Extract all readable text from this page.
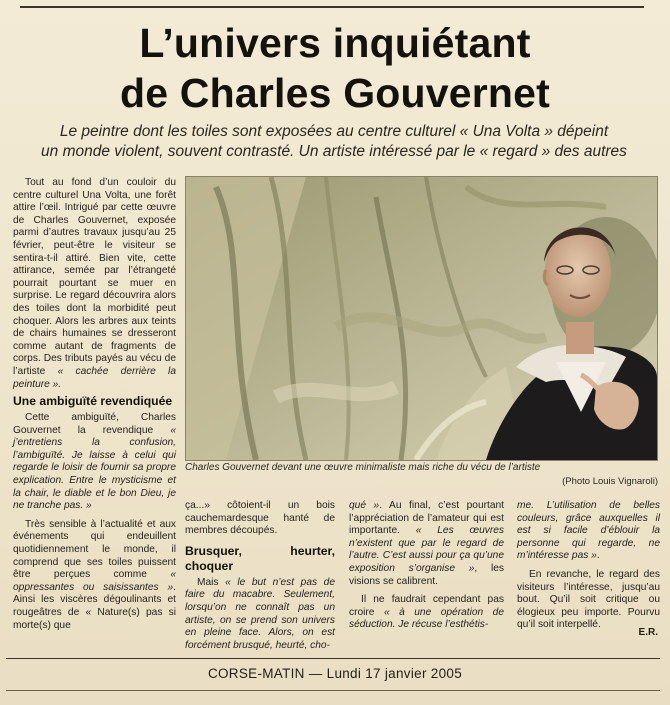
L’univers inquiétant
de Charles Gouvernet
Le peintre dont les toiles sont exposées au centre culturel « Una Volta » dépeint
un monde violent, souvent contrasté. Un artiste intéressé par le « regard » des autres

Tout au fond d’un couloir du centre culturel Una Volta, une forêt attire l’œil. Intrigué par cette œuvre de Charles Gouvernet, exposée parmi d’autres travaux jusqu’au 25 février, peut-être le visiteur se sentira-t-il attiré. Bien vite, cette attirance, semée par l’étrangeté pourrait pourtant se muer en surprise. Le regard découvrira alors des toiles dont la morbidité peut choquer. Alors les arbres aux teints de chairs humaines se dresseront comme autant de fragments de corps. Des tributs payés au vécu de l’artiste « cachée derrière la peinture ».

Une ambiguïté revendiquée

Cette ambiguïté, Charles Gouvernet la revendique « j’entretiens la confusion, l’ambiguïté. Je laisse à celui qui regarde le loisir de fournir sa propre explication. Entre le mysticisme et la chair, le diable et le bon Dieu, je ne tranche pas. »

Très sensible à l’actualité et aux événements qui endeuillent quotidiennement le monde, il comprend que ses toiles puissent être perçues comme « oppressantes ou saisissantes ». Ainsi les viscères dégoulinants et rougeâtres de « Nature(s) pas si morte(s) que

Charles Gouvernet devant une œuvre minimaliste mais riche du vécu de l’artiste
(Photo Louis Vignaroli)

ça...» côtoient-il un bois cauchemardesque hanté de membres découpés.

Brusquer, heurter, choquer

Mais « le but n’est pas de faire du macabre. Seulement, lorsqu’on ne connaît pas un artiste, on se prend son univers en pleine face. Alors, on est forcément brusqué, heurté, cho-

qué ». Au final, c’est pourtant l’appréciation de l’amateur qui est importante. « Les œuvres n’existent que par le regard de l’autre. C’est aussi pour ça qu’une exposition s’organise », les visions se calibrent.

Il ne faudrait cependant pas croire « à une opération de séduction. Je récuse l’esthétis-

me. L’utilisation de belles couleurs, grâce auxquelles il est si facile d’éblouir la personne qui regarde, ne m’intéresse pas ».

En revanche, le regard des visiteurs l’intéresse, jusqu’au bout. Qu’il soit critique ou élogieux peu importe. Pourvu qu’il soit interpellé.

E.R.
CORSE-MATIN — Lundi 17 janvier 2005
